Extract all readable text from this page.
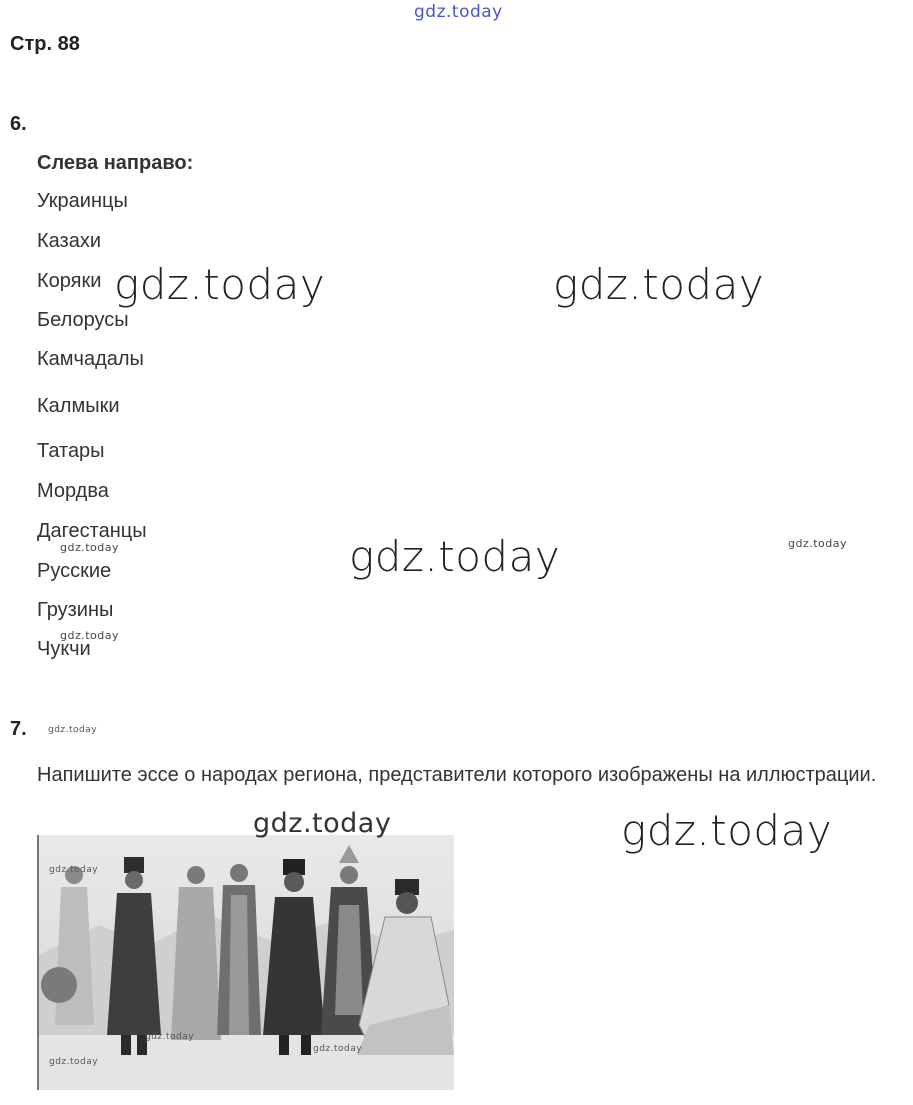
gdz.today
Стр. 88
6.
Слева направо:
Украинцы
Казахи
Коряки
Белорусы
Камчадалы
Калмыки
Татары
Мордва
Дагестанцы
Русские
Грузины
Чукчи
7.
Напишите эссе о народах региона, представители которого изображены на иллюстрации.
gdz.today
gdz.today
gdz.today
gdz.today
gdz.today	gdz.today
gdz.today
gdz.today
gdz.today
gdz.today	gdz.today
gdz.today
gdz.today
